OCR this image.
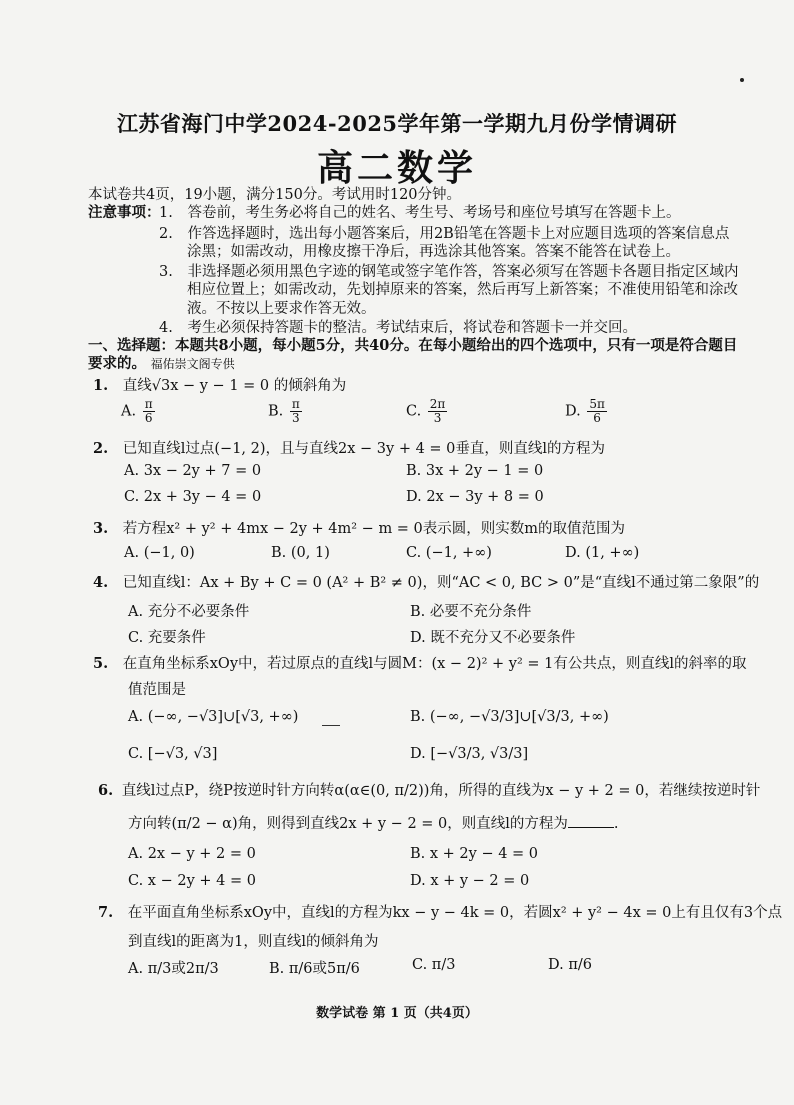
江苏省海门中学2024-2025学年第一学期九月份学情调研
高二数学
本试卷共4页，19小题，满分150分。考试用时120分钟。
注意事项：
1. 答卷前，考生务必将自己的姓名、考生号、考场号和座位号填写在答题卡上。
2. 作答选择题时，选出每小题答案后，用2B铅笔在答题卡上对应题目选项的答案信息点
涂黑；如需改动，用橡皮擦干净后，再选涂其他答案。答案不能答在试卷上。
3. 非选择题必须用黑色字迹的钢笔或签字笔作答，答案必须写在答题卡各题目指定区域内
相应位置上；如需改动，先划掉原来的答案，然后再写上新答案；不准使用铅笔和涂改
液。不按以上要求作答无效。
4. 考生必须保持答题卡的整洁。考试结束后，将试卷和答题卡一并交回。
一、选择题：本题共8小题，每小题5分，共40分。在每小题给出的四个选项中，只有一项是符合题目
要求的。 福佑崇文阁专供
1. 直线√3x − y − 1 = 0 的倾斜角为
A. $\frac{\pi}{6}$	B. $\frac{\pi}{3}$	C. $\frac{2\pi}{3}$	D. $\frac{5\pi}{6}$
2. 已知直线l过点(−1, 2)，且与直线2x − 3y + 4 = 0垂直，则直线l的方程为
A. 3x − 2y + 7 = 0	B. 3x + 2y − 1 = 0
C. 2x + 3y − 4 = 0	D. 2x − 3y + 8 = 0
3. 若方程x² + y² + 4mx − 2y + 4m² − m = 0表示圆，则实数m的取值范围为
A. (−1, 0)	B. (0, 1)	C. (−1, +∞)	D. (1, +∞)
4. 已知直线l：Ax + By + C = 0 (A² + B² ≠ 0)，则“AC < 0, BC > 0”是“直线l不通过第二象限”的
A. 充分不必要条件	B. 必要不充分条件
C. 充要条件	D. 既不充分又不必要条件
5. 在直角坐标系xOy中，若过原点的直线l与圆M：(x − 2)² + y² = 1有公共点，则直线l的斜率的取
值范围是
A. (−∞, −√3]∪[√3, +∞)	B. (−∞, −√3/3]∪[√3/3, +∞)
C. [−√3, √3]	D. [−√3/3, √3/3]
6. 直线l过点P，绕P按逆时针方向转α(α∈(0, π/2))角，所得的直线为x − y + 2 = 0，若继续按逆时针
方向转(π/2 − α)角，则得到直线2x + y − 2 = 0，则直线l的方程为	.
A. 2x − y + 2 = 0	B. x + 2y − 4 = 0
C. x − 2y + 4 = 0	D. x + y − 2 = 0
7. 在平面直角坐标系xOy中，直线l的方程为kx − y − 4k = 0，若圆x² + y² − 4x = 0上有且仅有3个点
到直线l的距离为1，则直线l的倾斜角为
A. π/3或2π/3	B. π/6或5π/6	C. π/3	D. π/6
数学试卷 第 1 页（共4页）
